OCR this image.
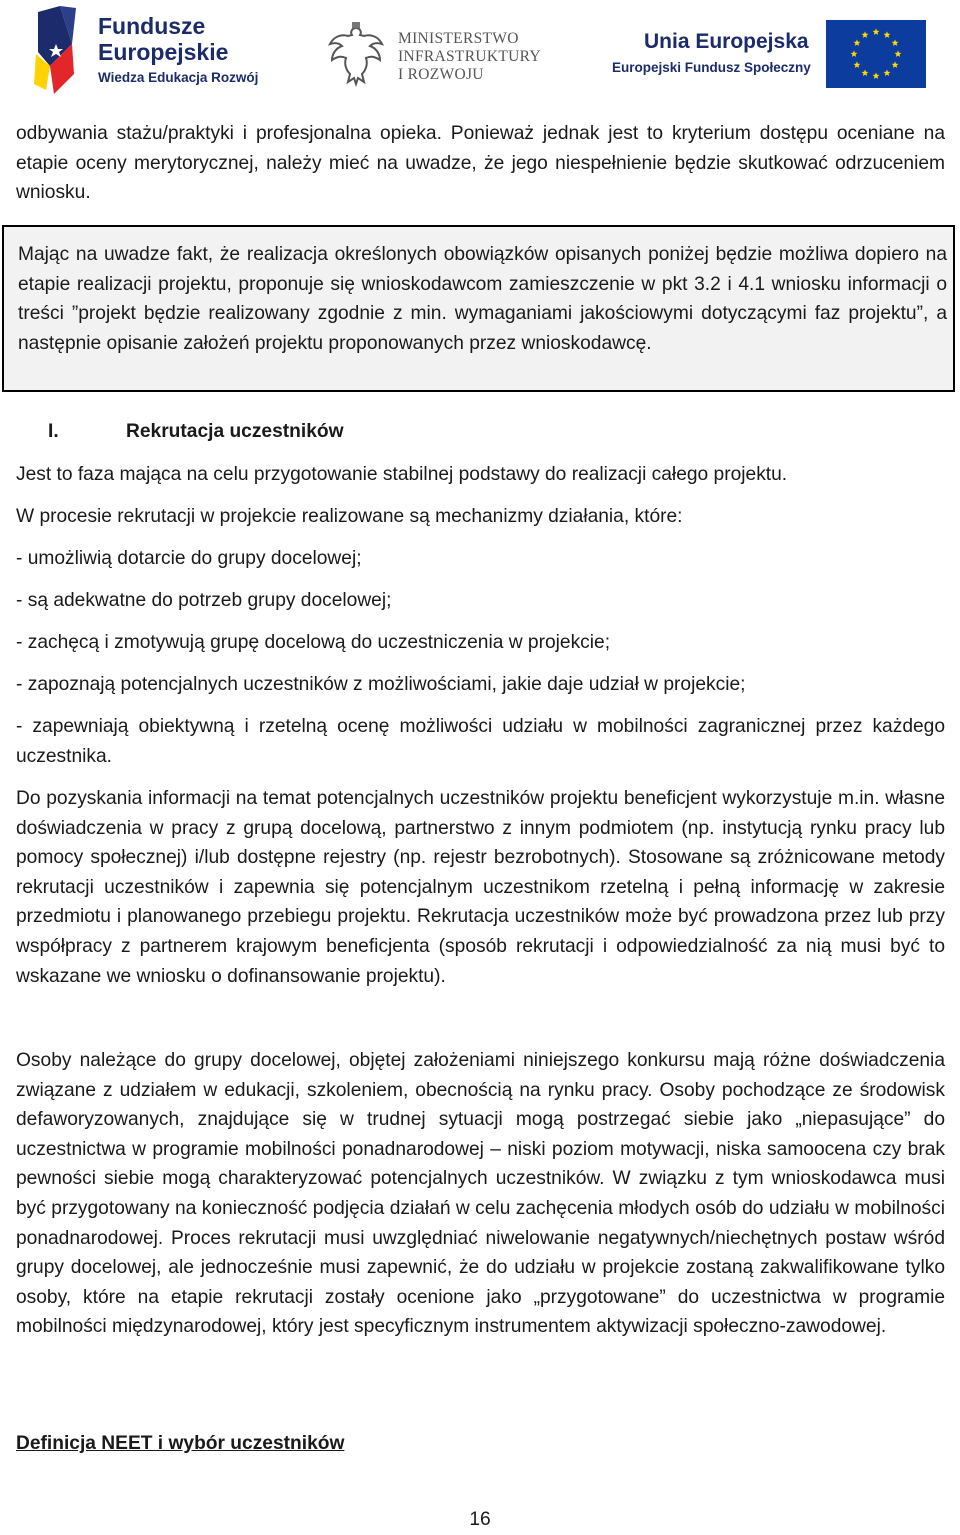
Fundusze
Europejskie
Wiedza Edukacja Rozwój
MINISTERSTWO
INFRASTRUKTURY
I ROZWOJU
Unia Europejska
Europejski Fundusz Społeczny

odbywania stażu/praktyki i profesjonalna opieka. Ponieważ jednak jest to kryterium dostępu oceniane na etapie oceny merytorycznej, należy mieć na uwadze, że jego niespełnienie będzie skutkować odrzuceniem wniosku.

Mając na uwadze fakt, że realizacja określonych obowiązków opisanych poniżej będzie możliwa dopiero na etapie realizacji projektu, proponuje się wnioskodawcom zamieszczenie w pkt 3.2 i 4.1 wniosku informacji o treści ”projekt będzie realizowany zgodnie z min. wymaganiami jakościowymi dotyczącymi faz projektu”, a następnie opisanie założeń projektu proponowanych przez wnioskodawcę.

I.	Rekrutacja uczestników

Jest to faza mająca na celu przygotowanie stabilnej podstawy do realizacji całego projektu.

W procesie rekrutacji w projekcie realizowane są mechanizmy działania, które:

- umożliwią dotarcie do grupy docelowej;

- są adekwatne do potrzeb grupy docelowej;

- zachęcą i zmotywują grupę docelową do uczestniczenia w projekcie;

- zapoznają potencjalnych uczestników z możliwościami, jakie daje udział w projekcie;

- zapewniają obiektywną i rzetelną ocenę możliwości udziału w mobilności zagranicznej przez każdego uczestnika.

Do pozyskania informacji na temat potencjalnych uczestników projektu beneficjent wykorzystuje m.in. własne doświadczenia w pracy z grupą docelową, partnerstwo z innym podmiotem (np. instytucją rynku pracy lub pomocy społecznej) i/lub dostępne rejestry (np. rejestr bezrobotnych). Stosowane są zróżnicowane metody rekrutacji uczestników i zapewnia się potencjalnym uczestnikom rzetelną i pełną informację w zakresie przedmiotu i planowanego przebiegu projektu. Rekrutacja uczestników może być prowadzona przez lub przy współpracy z partnerem krajowym beneficjenta (sposób rekrutacji i odpowiedzialność za nią musi być to wskazane we wniosku o dofinansowanie projektu).

Osoby należące do grupy docelowej, objętej założeniami niniejszego konkursu mają różne doświadczenia związane z udziałem w edukacji, szkoleniem, obecnością na rynku pracy. Osoby pochodzące ze środowisk defaworyzowanych, znajdujące się w trudnej sytuacji mogą postrzegać siebie jako „niepasujące” do uczestnictwa w programie mobilności ponadnarodowej – niski poziom motywacji, niska samoocena czy brak pewności siebie mogą charakteryzować potencjalnych uczestników. W związku z tym wnioskodawca musi być przygotowany na konieczność podjęcia działań w celu zachęcenia młodych osób do udziału w mobilności ponadnarodowej. Proces rekrutacji musi uwzględniać niwelowanie negatywnych/niechętnych postaw wśród grupy docelowej, ale jednocześnie musi zapewnić, że do udziału w projekcie zostaną zakwalifikowane tylko osoby, które na etapie rekrutacji zostały ocenione jako „przygotowane” do uczestnictwa w programie mobilności międzynarodowej, który jest specyficznym instrumentem aktywizacji społeczno-zawodowej.

Definicja NEET i wybór uczestników
16
